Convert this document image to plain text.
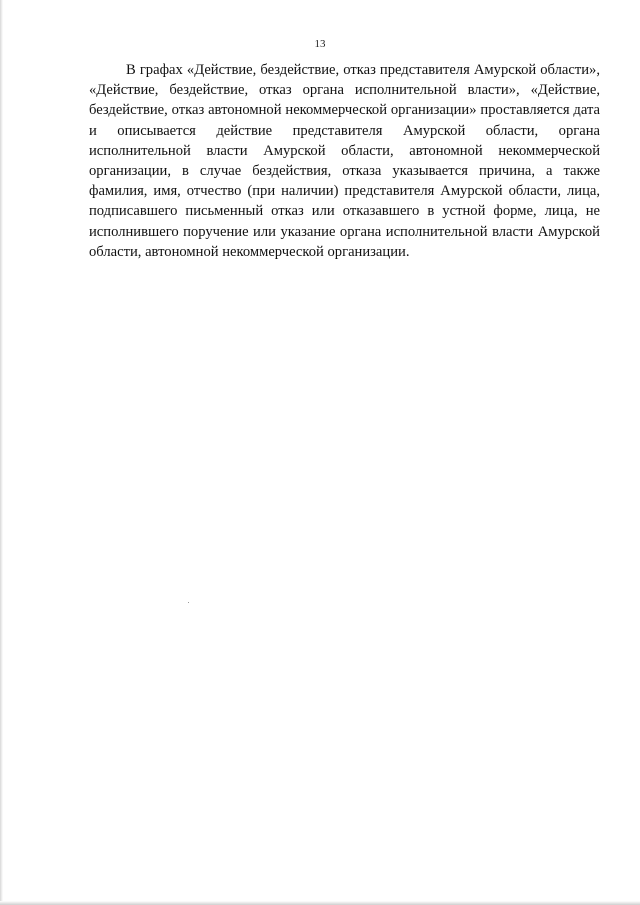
13

В графах «Действие, бездействие, отказ представителя Амурской области», «Действие, бездействие, отказ органа исполнительной власти», «Действие, бездействие, отказ автономной некоммерческой организации» проставляется дата и описывается действие представителя Амурской области, органа исполнительной власти Амурской области, автономной некоммерческой организации, в случае бездействия, отказа указывается причина, а также фамилия, имя, отчество (при наличии) представителя Амурской области, лица, подписавшего письменный отказ или отказавшего в устной форме, лица, не исполнившего поручение или указание органа исполнительной власти Амурской области, автономной некоммерческой организации.
